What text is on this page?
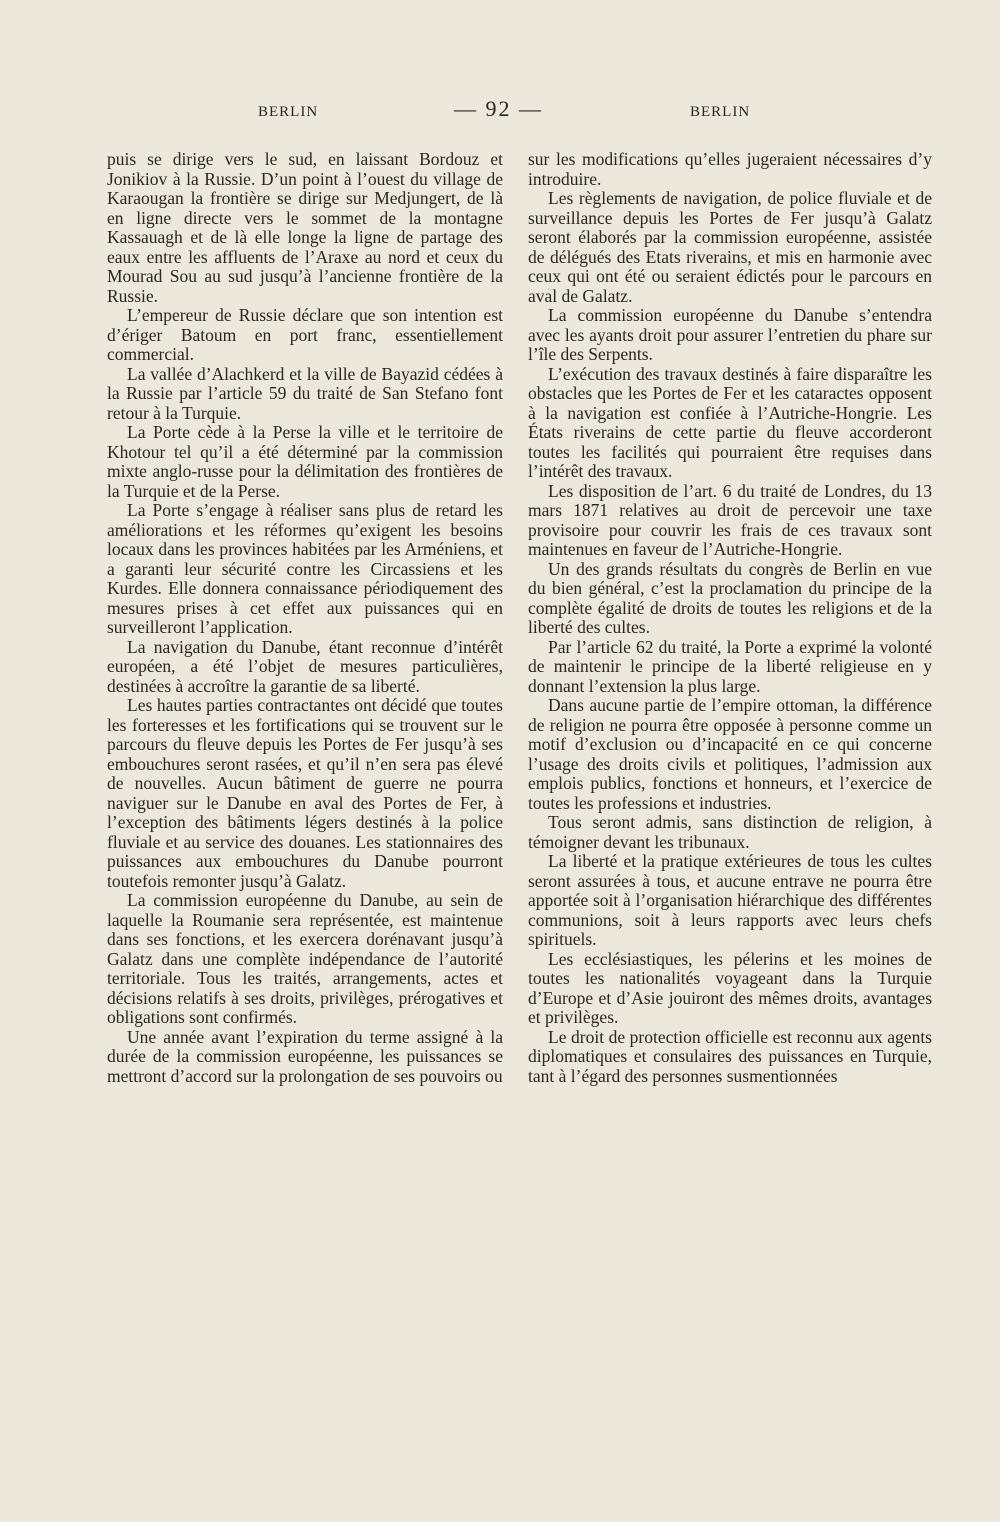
BERLIN	— 92 —	BERLIN

puis se dirige vers le sud, en laissant Bordouz et Jonikiov à la Russie. D’un point à l’ouest du village de Karaougan la frontière se dirige sur Medjungert, de là en ligne directe vers le sommet de la montagne Kassauagh et de là elle longe la ligne de partage des eaux entre les affluents de l’Araxe au nord et ceux du Mourad Sou au sud jusqu’à l’ancienne frontière de la Russie.

L’empereur de Russie déclare que son intention est d’ériger Batoum en port franc, essentiellement commercial.

La vallée d’Alachkerd et la ville de Bayazid cédées à la Russie par l’article 59 du traité de San Stefano font retour à la Turquie.

La Porte cède à la Perse la ville et le territoire de Khotour tel qu’il a été déterminé par la commission mixte anglo-russe pour la délimitation des frontières de la Turquie et de la Perse.

La Porte s’engage à réaliser sans plus de retard les améliorations et les réformes qu’exigent les besoins locaux dans les provinces habitées par les Arméniens, et a garanti leur sécurité contre les Circassiens et les Kurdes. Elle donnera connaissance périodiquement des mesures prises à cet effet aux puissances qui en surveilleront l’application.

La navigation du Danube, étant reconnue d’intérêt européen, a été l’objet de mesures particulières, destinées à accroître la garantie de sa liberté.

Les hautes parties contractantes ont décidé que toutes les forteresses et les fortifications qui se trouvent sur le parcours du fleuve depuis les Portes de Fer jusqu’à ses embouchures seront rasées, et qu’il n’en sera pas élevé de nouvelles. Aucun bâtiment de guerre ne pourra naviguer sur le Danube en aval des Portes de Fer, à l’exception des bâtiments légers destinés à la police fluviale et au service des douanes. Les stationnaires des puissances aux embouchures du Danube pourront toutefois remonter jusqu’à Galatz.

La commission européenne du Danube, au sein de laquelle la Roumanie sera représentée, est maintenue dans ses fonctions, et les exercera dorénavant jusqu’à Galatz dans une complète indépendance de l’autorité territoriale. Tous les traités, arrangements, actes et décisions relatifs à ses droits, privilèges, prérogatives et obligations sont confirmés.

Une année avant l’expiration du terme assigné à la durée de la commission européenne, les puissances se mettront d’accord sur la prolongation de ses pouvoirs ou

sur les modifications qu’elles jugeraient nécessaires d’y introduire.

Les règlements de navigation, de police fluviale et de surveillance depuis les Portes de Fer jusqu’à Galatz seront élaborés par la commission européenne, assistée de délégués des Etats riverains, et mis en harmonie avec ceux qui ont été ou seraient édictés pour le parcours en aval de Galatz.

La commission européenne du Danube s’entendra avec les ayants droit pour assurer l’entretien du phare sur l’île des Serpents.

L’exécution des travaux destinés à faire disparaître les obstacles que les Portes de Fer et les cataractes opposent à la navigation est confiée à l’Autriche-Hongrie. Les États riverains de cette partie du fleuve accorderont toutes les facilités qui pourraient être requises dans l’intérêt des travaux.

Les disposition de l’art. 6 du traité de Londres, du 13 mars 1871 relatives au droit de percevoir une taxe provisoire pour couvrir les frais de ces travaux sont maintenues en faveur de l’Autriche-Hongrie.

Un des grands résultats du congrès de Berlin en vue du bien général, c’est la proclamation du principe de la complète égalité de droits de toutes les religions et de la liberté des cultes.

Par l’article 62 du traité, la Porte a exprimé la volonté de maintenir le principe de la liberté religieuse en y donnant l’extension la plus large.

Dans aucune partie de l’empire ottoman, la différence de religion ne pourra être opposée à personne comme un motif d’exclusion ou d’incapacité en ce qui concerne l’usage des droits civils et politiques, l’admission aux emplois publics, fonctions et honneurs, et l’exercice de toutes les professions et industries.

Tous seront admis, sans distinction de religion, à témoigner devant les tribunaux.

La liberté et la pratique extérieures de tous les cultes seront assurées à tous, et aucune entrave ne pourra être apportée soit à l’organisation hiérarchique des différentes communions, soit à leurs rapports avec leurs chefs spirituels.

Les ecclésiastiques, les pélerins et les moines de toutes les nationalités voyageant dans la Turquie d’Europe et d’Asie jouiront des mêmes droits, avantages et privilèges.

Le droit de protection officielle est reconnu aux agents diplomatiques et consulaires des puissances en Turquie, tant à l’égard des personnes susmentionnées
